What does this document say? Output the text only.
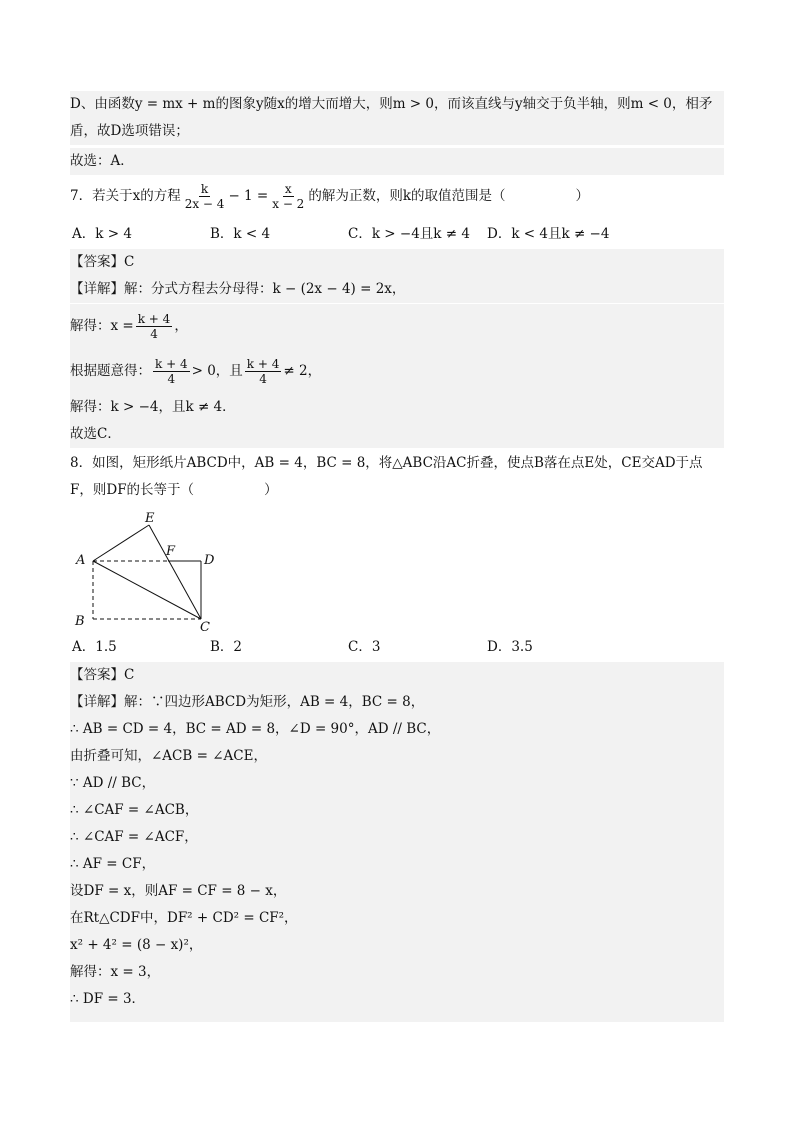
D、由函数y = mx + m的图象y随x的增大而增大，则m > 0，而该直线与y轴交于负半轴，则m < 0，相矛
盾，故D选项错误；
故选：A．
7．若关于x的方程 $\frac{k}{2x - 4} - 1 = \frac{x}{x - 2}$ 的解为正数，则k的取值范围是（	）
A．k > 4	B．k < 4	C．k > −4且k ≠ 4 D．k < 4且k ≠ −4
【答案】C
【详解】解：分式方程去分母得：k − (2x − 4) = 2x，
解得：$x = \frac{k + 4}{4}$ ，
根据题意得： $\frac{k + 4}{4} > 0$，且 $\frac{k + 4}{4} \ne 2$，
解得：k > −4，且k ≠ 4．
故选C．
8．如图，矩形纸片ABCD中，AB = 4，BC = 8，将△ABC沿AC折叠，使点B落在点E处，CE交AD于点
F，则DF的长等于（	）
E
F
A	D
B	C
A．1.5	B．2	C．3	D．3.5
【答案】C
【详解】解：∵四边形ABCD为矩形，AB = 4，BC = 8，
∴ AB = CD = 4，BC = AD = 8，∠D = 90°，AD // BC，
由折叠可知，∠ACB = ∠ACE，
∵ AD // BC，
∴ ∠CAF = ∠ACB，
∴ ∠CAF = ∠ACF，
∴ AF = CF，
设DF = x，则AF = CF = 8 − x，
在Rt△CDF中，DF² + CD² = CF²，
x² + 4² = (8 − x)²，
解得：x = 3，
∴ DF = 3．
